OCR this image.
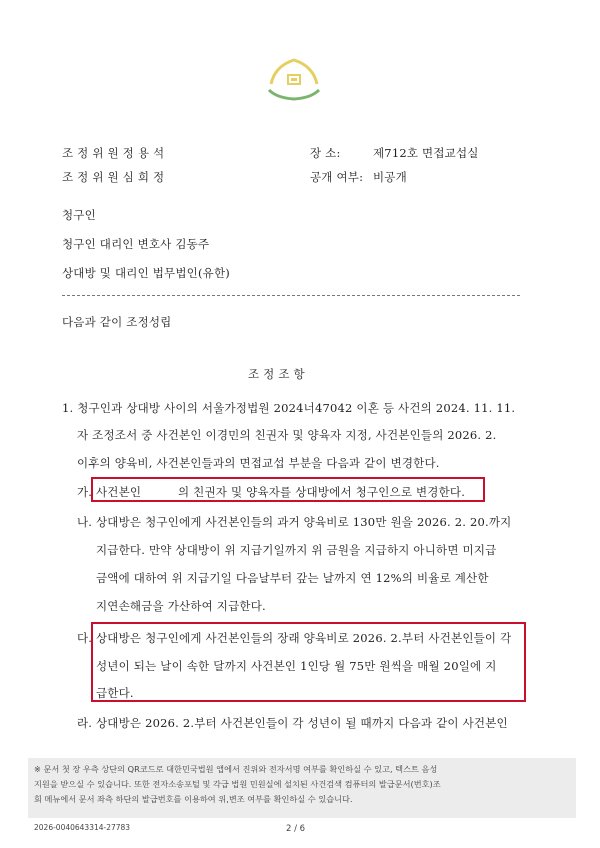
조 정 위 원 정 용 석
조 정 위 원 심 희 정
장 소:	제712호 면접교섭실
공개 여부: 비공개
청구인
청구인 대리인 변호사 김동주
상대방 및 대리인 법무법인(유한)
다음과 같이 조정성립
조 정 조 항
1. 청구인과 상대방 사이의 서울가정법원 2024너47042 이혼 등 사건의 2024. 11. 11.
자 조정조서 중 사건본인 이경민의 친권자 및 양육자 지정, 사건본인들의 2026. 2.
이후의 양육비, 사건본인들과의 면접교섭 부분을 다음과 같이 변경한다.
가. 사건본인	의 친권자 및 양육자를 상대방에서 청구인으로 변경한다.
나. 상대방은 청구인에게 사건본인들의 과거 양육비로 130만 원을 2026. 2. 20.까지
지급한다. 만약 상대방이 위 지급기일까지 위 금원을 지급하지 아니하면 미지급
금액에 대하여 위 지급기일 다음날부터 갚는 날까지 연 12%의 비율로 계산한
지연손해금을 가산하여 지급한다.
다. 상대방은 청구인에게 사건본인들의 장래 양육비로 2026. 2.부터 사건본인들이 각
성년이 되는 날이 속한 달까지 사건본인 1인당 월 75만 원씩을 매월 20일에 지
급한다.
라. 상대방은 2026. 2.부터 사건본인들이 각 성년이 될 때까지 다음과 같이 사건본인
※ 문서 첫 장 우측 상단의 QR코드로 대한민국법원 앱에서 진위와 전자서명 여부를 확인하실 수 있고, 텍스트 음성
지원을 받으실 수 있습니다. 또한 전자소송포털 및 각급 법원 민원실에 설치된 사건검색 컴퓨터의 발급문서(번호)조
회 메뉴에서 문서 좌측 하단의 발급번호를 이용하여 위,변조 여부를 확인하실 수 있습니다.
2026-0040643314-27783	2 / 6
